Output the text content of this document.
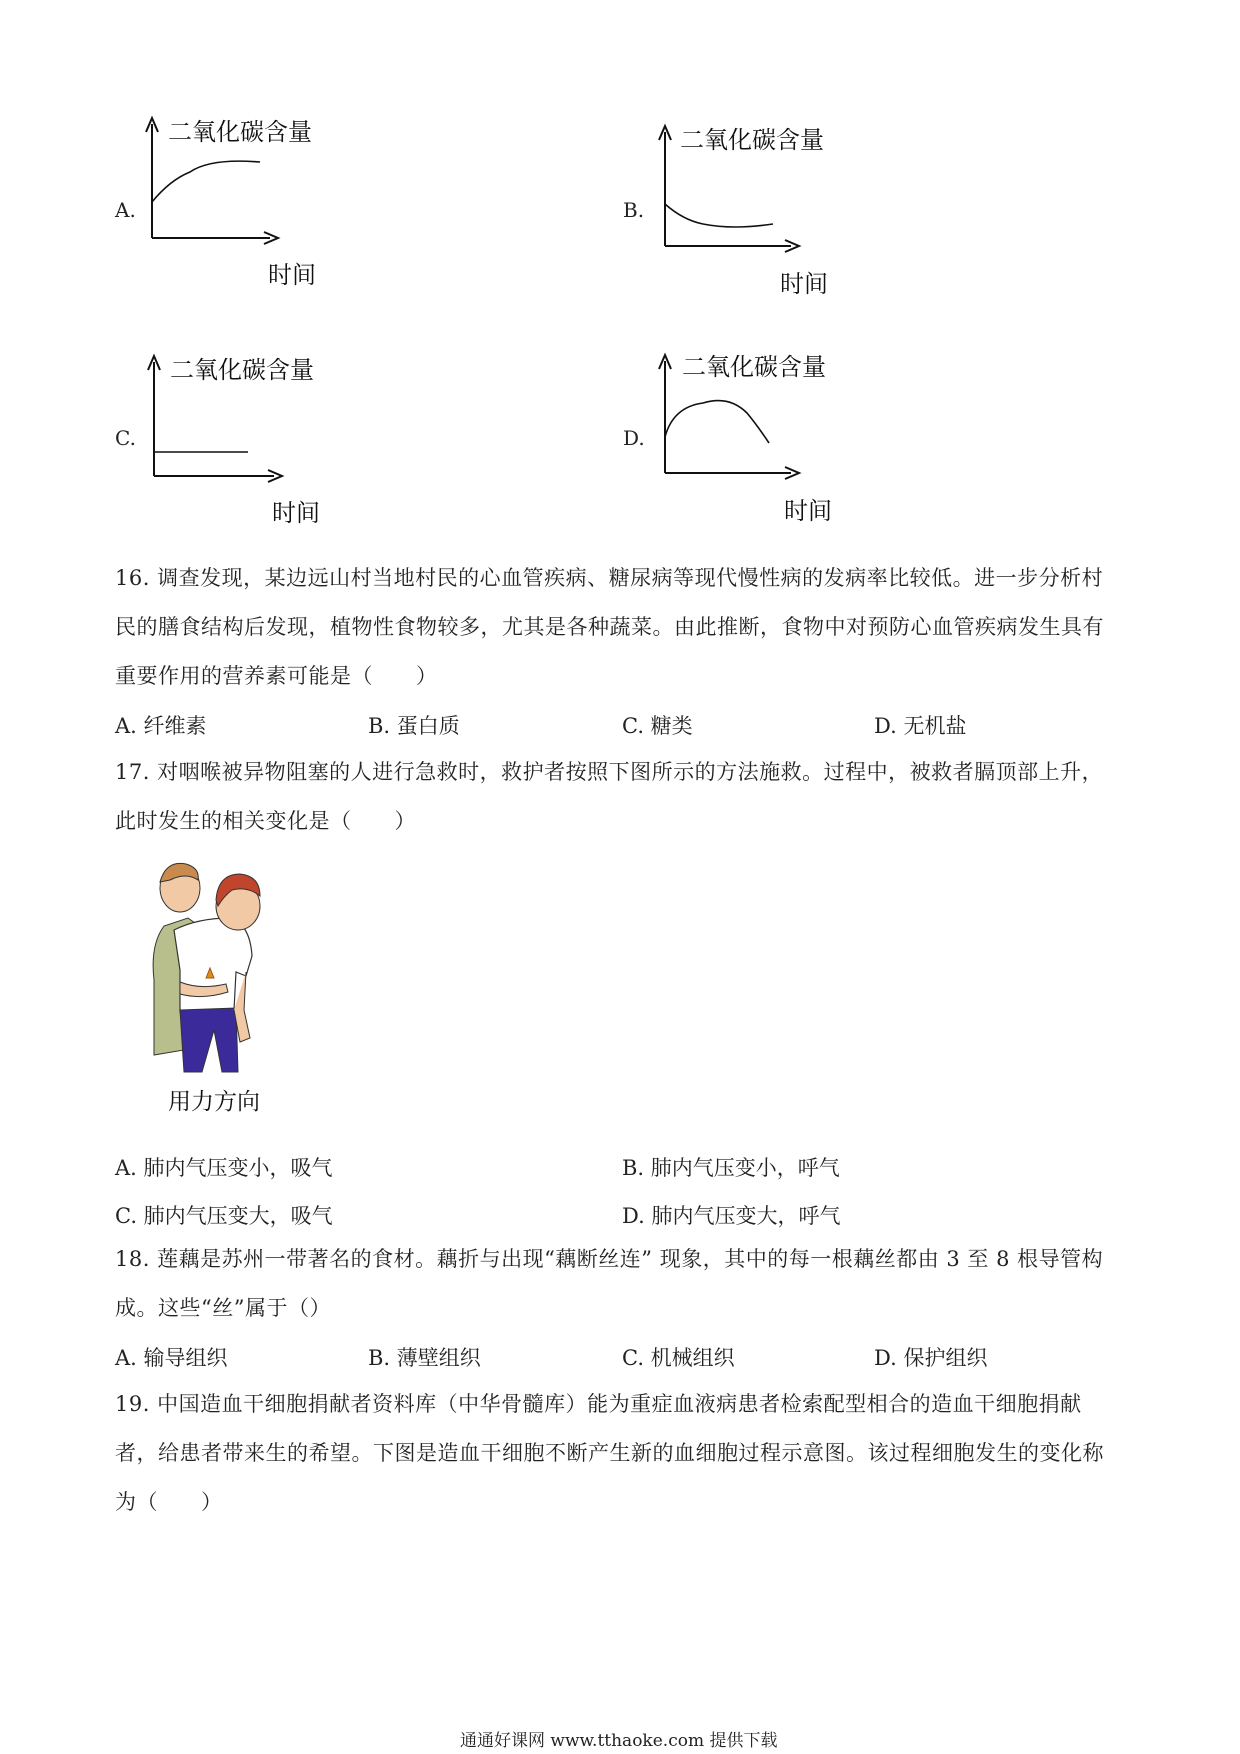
A.
二氧化碳含量
时间
B.
二氧化碳含量
时间
C.
二氧化碳含量
时间
D.
二氧化碳含量
时间
16. 调查发现，某边远山村当地村民的心血管疾病、糖尿病等现代慢性病的发病率比较低。进一步分析村
民的膳食结构后发现，植物性食物较多，尤其是各种蔬菜。由此推断，食物中对预防心血管疾病发生具有
重要作用的营养素可能是（　　）
A. 纤维素	B. 蛋白质	C. 糖类	D. 无机盐
17. 对咽喉被异物阻塞的人进行急救时，救护者按照下图所示的方法施救。过程中，被救者膈顶部上升，
此时发生的相关变化是（　　）
用力方向
A. 肺内气压变小，吸气	B. 肺内气压变小，呼气
C. 肺内气压变大，吸气	D. 肺内气压变大，呼气
18. 莲藕是苏州一带著名的食材。藕折与出现“藕断丝连” 现象，其中的每一根藕丝都由 3 至 8 根导管构
成。这些“丝”属于（）
A. 输导组织	B. 薄壁组织	C. 机械组织	D. 保护组织
19. 中国造血干细胞捐献者资料库（中华骨髓库）能为重症血液病患者检索配型相合的造血干细胞捐献
者，给患者带来生的希望。下图是造血干细胞不断产生新的血细胞过程示意图。该过程细胞发生的变化称
为（　　）
通通好课网 www.tthaoke.com 提供下载
